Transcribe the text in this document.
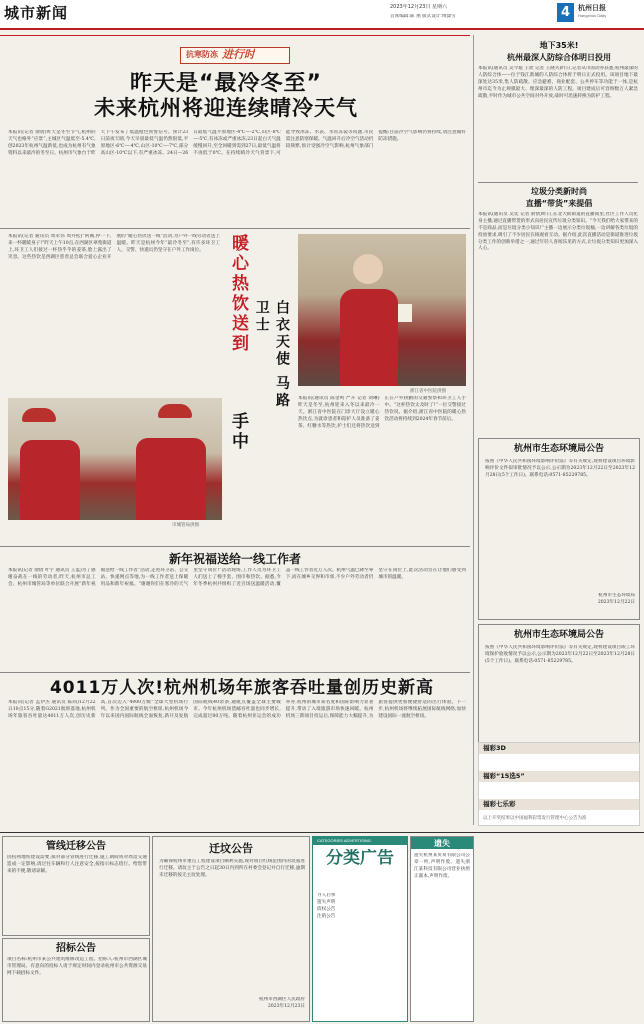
城市新闻	2023年12月23日 星期六
首席编辑:陈 翔 版式设计:傅潇雪	4	杭州日报
Hangzhou Daily
抗寒防冻 进行时
昨天是“最冷冬至”
未来杭州将迎连续晴冷天气
本报讯(记者 俞倩)昨天是冬至节气,杭州的天气也格外“应景”,主城区气温低至-5.4℃,创2023年杭州气温新低,也成为杭州有气象资料以来最冷的冬至日。杭州市气象台于昨天下午发布了低温橙色预警信号。预计23日前夜天晴,今天早晨最低气温仍然很低,平原地区-6℃—-4℃,山区-10℃—-7℃,部分高山区-10℃以下,有严重冰冻。24日—26日最低气温平原地区-4℃—-2℃,山区-8℃—-5℃,有冰冻或严重冰冻;23日起白天气温缓慢回升,至全回暖到需到27日,最低气温将不再低于0℃。在持续晴冷天气背景下,可能导致冰冻、水表、水管冻裂等问题,市民需注意防寒保暖。气温回升后冷空气活动仍较频繁,预计受强冷空气影响,杭州气象部门提醒:目前冷空气影响仍将持续,请注意做好防冻措施。
本报讯(记者 通讯员 周永伟 周丹松)“阿姨,停一下,来一杯暖暖身子!”昨天上午10点,在西湖区翠苑街道上,环卫工人们接过一杯热乎乎的姜茶,脸上露出了笑容。这些热饮是西湖区慈善总会联合爱心企业开展的“暖心热饮送一线”活动,为户外一线劳动者送上温暖。昨天是杭州今年“最冷冬至”,有许多环卫工人、交警、快递员仍坚守在户外工作岗位。	暖心热饮送到
白衣天使 马路卫士
手中
浙江省中医院供图
本报讯(通讯员 陈金鸣 严卉 记者 刘琳)昨天是冬至,杭州迎来入冬以来最冷一天。浙江省中医院在门诊大厅设立暖心热饮点,为就诊患者和陪护人员准备了姜茶、红糖水等热饮,护士们还将热饮送到正在户外执勤的交通警察和环卫工人手中。“这杯热饮太及时了!”一位交警接过热饮说。据介绍,浙江省中医院的暖心热饮活动将持续到2024年春节前后。
市城管局供图
新年祝福送给一线工作者
本报讯(记者 俞倩 叶宇 通讯员 王蓝)为了感谢奋战在一线的劳动者,昨天,杭州市总工会、杭州市城管局等单位联合开展“新年祝福送给一线工作者”活动,走进环卫站、公交站、快递网点等地,为一线工作者送上保暖用品和新年祝福。“谢谢你们在寒冷的天气里坚守岗位!”活动现场,工作人员为环卫工人们送上了棉手套、围巾和热饮。据悉,今年冬季杭州共组织了近百场送温暖活动,覆盖一线工作者近万人次。杭州气温已降至零下,而在城乡交界和市郊,不少户外劳动者仍坚守在岗位上,此次活动旨在让他们感受到城市的温暖。
4011万人次!杭州机场年旅客吞吐量创历史新高
本报讯(记者 孟伊杰 通讯员 陈尚)12月22日10点15分,随着G2021航班落地,杭州机场年旅客吞吐量达4011万人次,创历史新高,首次迈入“4000万级”全球大型机场行列。作为全国重要的航空枢纽,杭州机场今年以来国内国际航线全面恢复,新开及复航国际航线40余条,通航点覆盖全球主要城市。今年杭州机场货邮吞吐量也同步增长,完成超过80万吨。随着杭州亚运会的成功举办,杭州的城市知名度和国际影响力显著提升,带动了入境旅游市场快速回暖。杭州机场三期项目投运后,保障能力大幅提升,为旅客提供更加便捷舒适的出行体验。下一步,杭州机场将继续拓展国际航线网络,加快建设国际一流航空枢纽。
地下35米!
杭州最深人防综合体明日投用
本报讯(通讯员 吴今迪 王欣 记者 王晓夫)昨日,记者从市国动办获悉,杭州最深的人防综合体——位于钱江新城的人防综合体将于明日正式投用。该项目地下最深处达35米,集人防疏散、应急避难、商业配套、公共停车等功能于一体,是杭州市迄今为止规模最大、埋深最深的人防工程。项目建成后可容纳数万人紧急疏散,平时作为城市公共空间对外开放,战时可迅速转换为防护工程。
垃圾分类新时尚
直播“带货”来提倡
本报讯(通讯员 吴奕 记者 俞倩)昨日,在北大街街道的直播间里,社区工作人员化身主播,通过直播带货的形式向居民宣传垃圾分类知识。“今天我们给大家带来的不是商品,而是垃圾分类小知识!”主播一边展示分类垃圾桶,一边讲解各类垃圾的投放要求,吸引了不少居民在线观看互动。据介绍,此次直播活动是街道推进垃圾分类工作的创新举措之一,通过年轻人喜闻乐见的方式,让垃圾分类知识更加深入人心。
杭州市生态环境局公告
按照《中华人民共和国环境影响评价法》等有关规定,现将建设项目环境影响评价文件拟审批情况予以公示,公示期为2023年12月22日至2023年12月28日(5个工作日)。联系电话:0571-85229785。
杭州市生态环境局
2023年12月22日
杭州市生态环境局公告
按照《中华人民共和国环境影响评价法》等有关规定,现将建设项目竣工环境保护验收情况予以公示,公示期为2023年12月22日至2023年12月28日(5个工作日)。联系电话:0571-85229785。
福彩3D
福彩“15选5”
福彩七乐彩
以上开奖结果以中国福利彩票发行管理中心公告为准
管线迁移公告
因杭州地铁建设需要,拟对部分管线进行迁移,施工期间将对周边交通造成一定影响,请过往车辆和行人注意安全,按指示标志绕行。给您带来的不便,敬请谅解。
招标公告
项目名称:杭州市某公共建筑维修改造工程。招标人:杭州市西湖区城市管理局。有意向的投标人请于规定时间内登录杭州市公共资源交易网下载招标文件。
迁坟公告
为确保杭州市重点工程建设项目顺利实施,现对项目红线范围内的坟墓进行迁移。请坟主于公告之日起30日内到所在村委会登记并自行迁移,逾期未迁移的按无主坟处理。
杭州市西湖区人民政府
2023年12月23日
CATEGORIES ADVERTISING
分类广告
寻人启事
遗失声明
债权公告
注销公告
遗失
遗失杭州某贸易有限公司公章一枚,声明作废。遗失浙江某科技有限公司营业执照正副本,声明作废。
